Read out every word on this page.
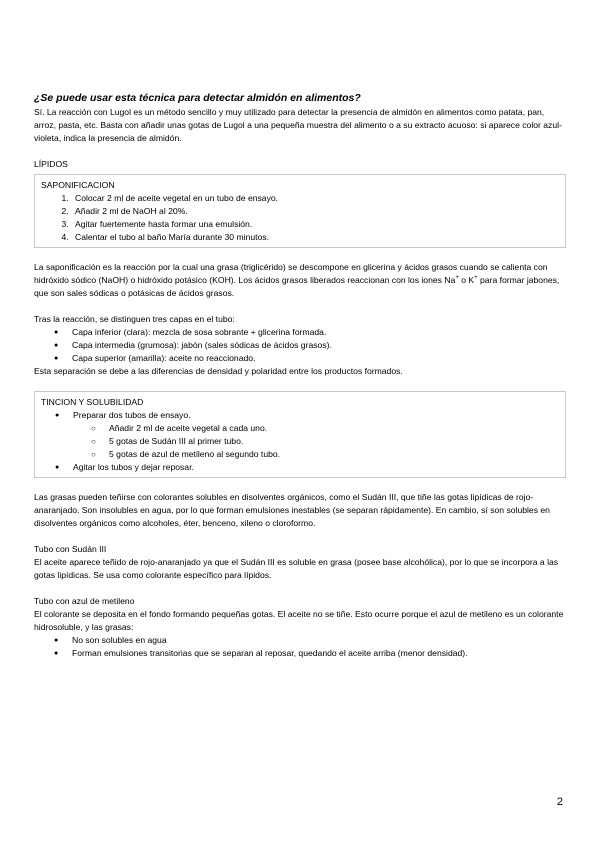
¿Se puede usar esta técnica para detectar almidón en alimentos?

Sí. La reacción con Lugol es un método sencillo y muy utilizado para detectar la presencia de almidón en alimentos como patata, pan, arroz, pasta, etc. Basta con añadir unas gotas de Lugol a una pequeña muestra del alimento o a su extracto acuoso: si aparece color azul-violeta, indica la presencia de almidón.

LÍPIDOS

SAPONIFICACION
1. Colocar 2 ml de aceite vegetal en un tubo de ensayo.
2. Añadir 2 ml de NaOH al 20%.
3. Agitar fuertemente hasta formar una emulsión.
4. Calentar el tubo al baño María durante 30 minutos.

La saponificación es la reacción por la cual una grasa (triglicérido) se descompone en glicerina y ácidos grasos cuando se calienta con hidróxido sódico (NaOH) o hidróxido potásico (KOH). Los ácidos grasos liberados reaccionan con los iones Na+ o K+ para formar jabones, que son sales sódicas o potásicas de ácidos grasos.

Tras la reacción, se distinguen tres capas en el tubo:

● Capa inferior (clara): mezcla de sosa sobrante + glicerina formada.
● Capa intermedia (grumosa): jabón (sales sódicas de ácidos grasos).
● Capa superior (amarilla): aceite no reaccionado.

Esta separación se debe a las diferencias de densidad y polaridad entre los productos formados.

TINCION Y SOLUBILIDAD
● Preparar dos tubos de ensayo.
○ Añadir 2 ml de aceite vegetal a cada uno.
○ 5 gotas de Sudán III al primer tubo.
○ 5 gotas de azul de metileno al segundo tubo.
● Agitar los tubos y dejar reposar.

Las grasas pueden teñirse con colorantes solubles en disolventes orgánicos, como el Sudán III, que tiñe las gotas lipídicas de rojo-anaranjado. Son insolubles en agua, por lo que forman emulsiones inestables (se separan rápidamente). En cambio, sí son solubles en disolventes orgánicos como alcoholes, éter, benceno, xileno o cloroformo.

Tubo con Sudán III

El aceite aparece teñido de rojo-anaranjado ya que el Sudán III es soluble en grasa (posee base alcohólica), por lo que se incorpora a las gotas lipídicas. Se usa como colorante específico para lípidos.

Tubo con azul de metileno

El colorante se deposita en el fondo formando pequeñas gotas. El aceite no se tiñe. Esto ocurre porque el azul de metileno es un colorante hidrosoluble, y las grasas:

● No son solubles en agua
● Forman emulsiones transitorias que se separan al reposar, quedando el aceite arriba (menor densidad).
2
